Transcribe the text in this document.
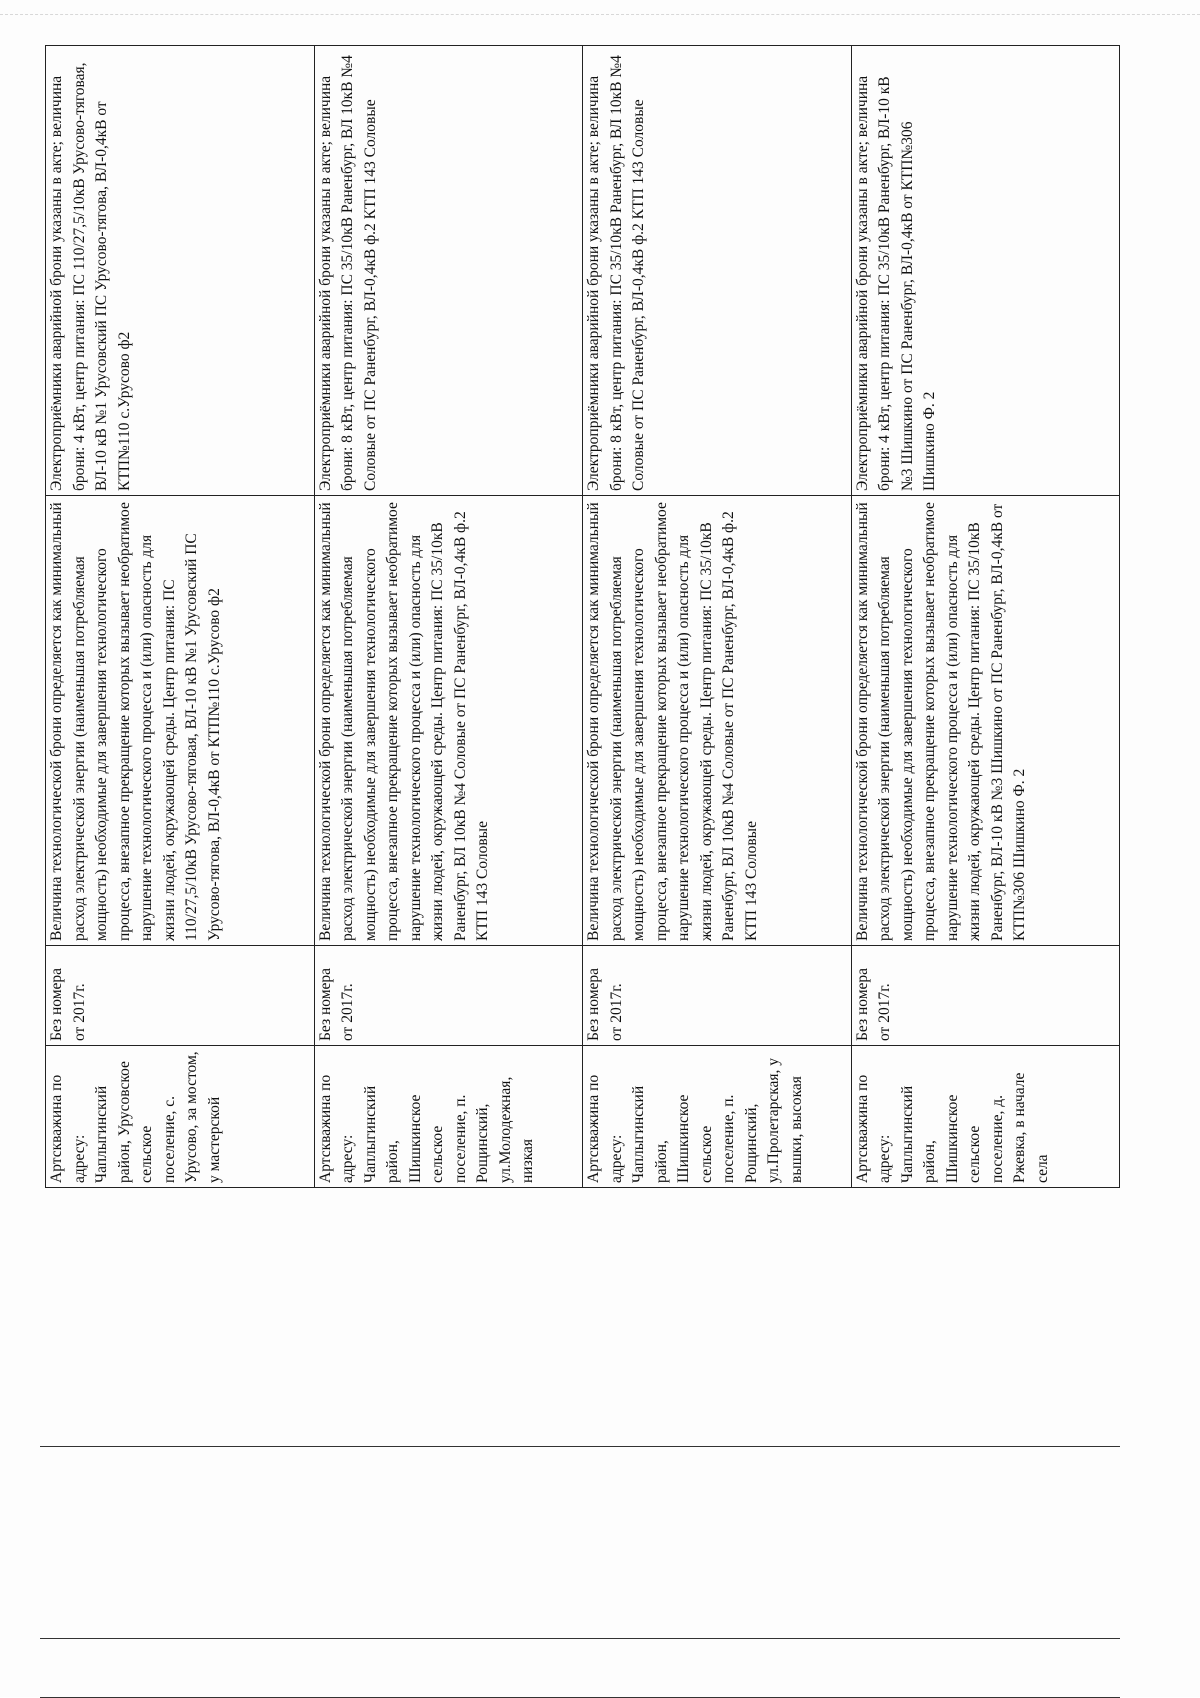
Артскважина по адресу: Чаплыгинский район, Урусовское сельское поселение, с. Урусово, за мостом, у мастерской	Без номера от 2017г.	Величина технологической брони определяется как минимальный расход электрической энергии (наименьшая потребляемая мощность) необходимые для завершения технологического процесса, внезапное прекращение которых вызывает необратимое нарушение технологического процесса и (или) опасность для жизни людей, окружающей среды. Центр питания: ПС 110/27,5/10кВ Урусово-тяговая, ВЛ-10 кВ №1 Урусовский ПС Урусово-тягова, ВЛ-0,4кВ от КТП№110 с.Урусово ф2	Электроприёмники аварийной брони указаны в акте; величина брони: 4 кВт, центр питания: ПС 110/27,5/10кВ Урусово-тяговая, ВЛ-10 кВ №1 Урусовский ПС Урусово-тягова, ВЛ-0,4кВ от КТП№110 с.Урусово ф2
Артскважина по адресу: Чаплыгинский район, Шишкинское сельское поселение, п. Рощинский, ул.Молодежная, низкая	Без номера от 2017г.	Величина технологической брони определяется как минимальный расход электрической энергии (наименьшая потребляемая мощность) необходимые для завершения технологического процесса, внезапное прекращение которых вызывает необратимое нарушение технологического процесса и (или) опасность для жизни людей, окружающей среды. Центр питания: ПС 35/10кВ Раненбург, ВЛ 10кВ №4 Соловые от ПС Раненбург, ВЛ-0,4кВ ф.2 КТП 143 Соловые	Электроприёмники аварийной брони указаны в акте; величина брони: 8 кВт, центр питания: ПС 35/10кВ Раненбург, ВЛ 10кВ №4 Соловые от ПС Раненбург, ВЛ-0,4кВ ф.2 КТП 143 Соловые
Артскважина по адресу: Чаплыгинский район, Шишкинское сельское поселение, п. Рощинский, ул.Пролетарская, у вышки, высокая	Без номера от 2017г.	Величина технологической брони определяется как минимальный расход электрической энергии (наименьшая потребляемая мощность) необходимые для завершения технологического процесса, внезапное прекращение которых вызывает необратимое нарушение технологического процесса и (или) опасность для жизни людей, окружающей среды. Центр питания: ПС 35/10кВ Раненбург, ВЛ 10кВ №4 Соловые от ПС Раненбург, ВЛ-0,4кВ ф.2 КТП 143 Соловые	Электроприёмники аварийной брони указаны в акте; величина брони: 8 кВт, центр питания: ПС 35/10кВ Раненбург, ВЛ 10кВ №4 Соловые от ПС Раненбург, ВЛ-0,4кВ ф.2 КТП 143 Соловые
Артскважина по адресу: Чаплыгинский район, Шишкинское сельское поселение, д. Ржевка, в начале села	Без номера от 2017г.	Величина технологической брони определяется как минимальный расход электрической энергии (наименьшая потребляемая мощность) необходимые для завершения технологического процесса, внезапное прекращение которых вызывает необратимое нарушение технологического процесса и (или) опасность для жизни людей, окружающей среды. Центр питания: ПС 35/10кВ Раненбург, ВЛ-10 кВ №3 Шишкино от ПС Раненбург, ВЛ-0,4кВ от КТП№306 Шишкино Ф. 2	Электроприёмники аварийной брони указаны в акте; величина брони: 4 кВт, центр питания: ПС 35/10кВ Раненбург, ВЛ-10 кВ №3 Шишкино от ПС Раненбург, ВЛ-0,4кВ от КТП№306 Шишкино Ф. 2
